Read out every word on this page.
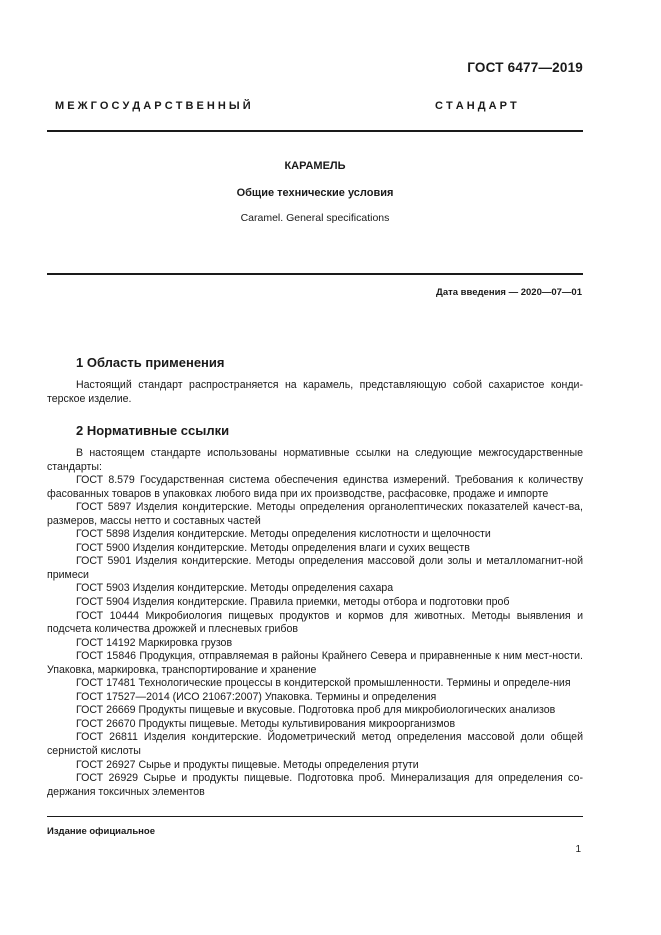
ГОСТ 6477—2019
М Е Ж Г О С У Д А Р С Т В Е Н Н Ы Й	С Т А Н Д А Р Т
КАРАМЕЛЬ
Общие технические условия
Caramel. General specifications
Дата введения — 2020—07—01
1 Область применения

Настоящий стандарт распространяется на карамель, представляющую собой сахаристое конди-терское изделие.

2 Нормативные ссылки

В настоящем стандарте использованы нормативные ссылки на следующие межгосударственные стандарты:

ГОСТ 8.579 Государственная система обеспечения единства измерений. Требования к количеству фасованных товаров в упаковках любого вида при их производстве, расфасовке, продаже и импорте

ГОСТ 5897 Изделия кондитерские. Методы определения органолептических показателей качест-ва, размеров, массы нетто и составных частей

ГОСТ 5898 Изделия кондитерские. Методы определения кислотности и щелочности

ГОСТ 5900 Изделия кондитерские. Методы определения влаги и сухих веществ

ГОСТ 5901 Изделия кондитерские. Методы определения массовой доли золы и металломагнит-ной примеси

ГОСТ 5903 Изделия кондитерские. Методы определения сахара

ГОСТ 5904 Изделия кондитерские. Правила приемки, методы отбора и подготовки проб

ГОСТ 10444 Микробиология пищевых продуктов и кормов для животных. Методы выявления и подсчета количества дрожжей и плесневых грибов

ГОСТ 14192 Маркировка грузов

ГОСТ 15846 Продукция, отправляемая в районы Крайнего Севера и приравненные к ним мест-ности. Упаковка, маркировка, транспортирование и хранение

ГОСТ 17481 Технологические процессы в кондитерской промышленности. Термины и определе-ния

ГОСТ 17527—2014 (ИСО 21067:2007) Упаковка. Термины и определения

ГОСТ 26669 Продукты пищевые и вкусовые. Подготовка проб для микробиологических анализов

ГОСТ 26670 Продукты пищевые. Методы культивирования микроорганизмов

ГОСТ 26811 Изделия кондитерские. Йодометрический метод определения массовой доли общей сернистой кислоты

ГОСТ 26927 Сырье и продукты пищевые. Методы определения ртути

ГОСТ 26929 Сырье и продукты пищевые. Подготовка проб. Минерализация для определения со-держания токсичных элементов

Издание официальное
1
